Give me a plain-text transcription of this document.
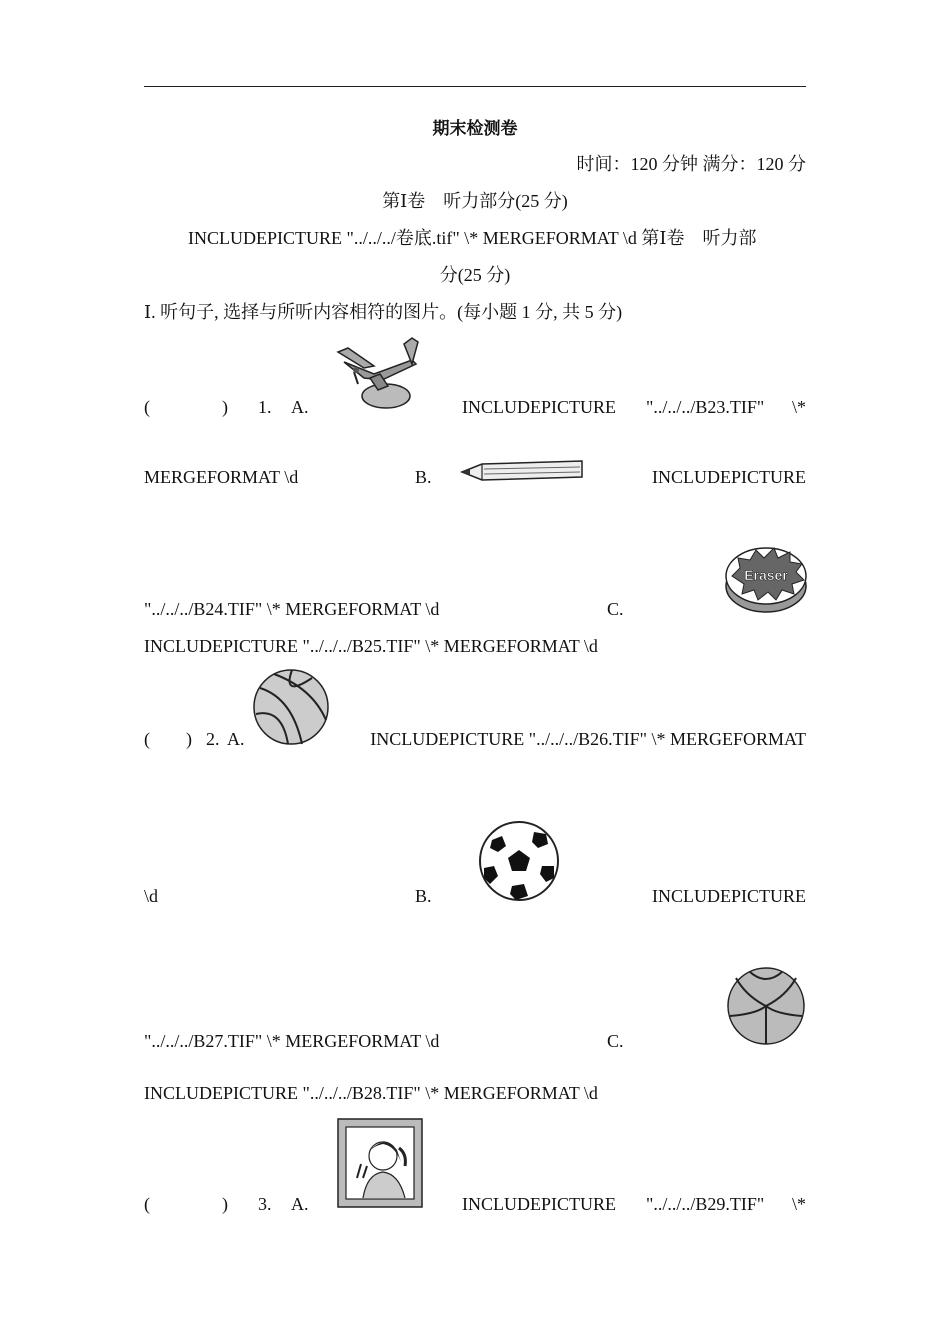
期末检测卷
时间：120 分钟 满分：120 分
第Ⅰ卷　听力部分(25 分)
INCLUDEPICTURE "../../../卷底.tif" \* MERGEFORMAT \d 第Ⅰ卷　听力部
分(25 分)
Ⅰ. 听句子, 选择与所听内容相符的图片。(每小题 1 分, 共 5 分)
(　　　　) 1. A.	INCLUDEPICTURE "../../../B23.TIF" \*
MERGEFORMAT \d	B.	INCLUDEPICTURE
Eraser
"../../../B24.TIF" \* MERGEFORMAT \d	C.
INCLUDEPICTURE "../../../B25.TIF" \* MERGEFORMAT \d
(　　) 2. A.	INCLUDEPICTURE "../../../B26.TIF" \* MERGEFORMAT
\d	B.	INCLUDEPICTURE
"../../../B27.TIF" \* MERGEFORMAT \d	C.
INCLUDEPICTURE "../../../B28.TIF" \* MERGEFORMAT \d
(　　　　) 3. A.	INCLUDEPICTURE "../../../B29.TIF" \*
